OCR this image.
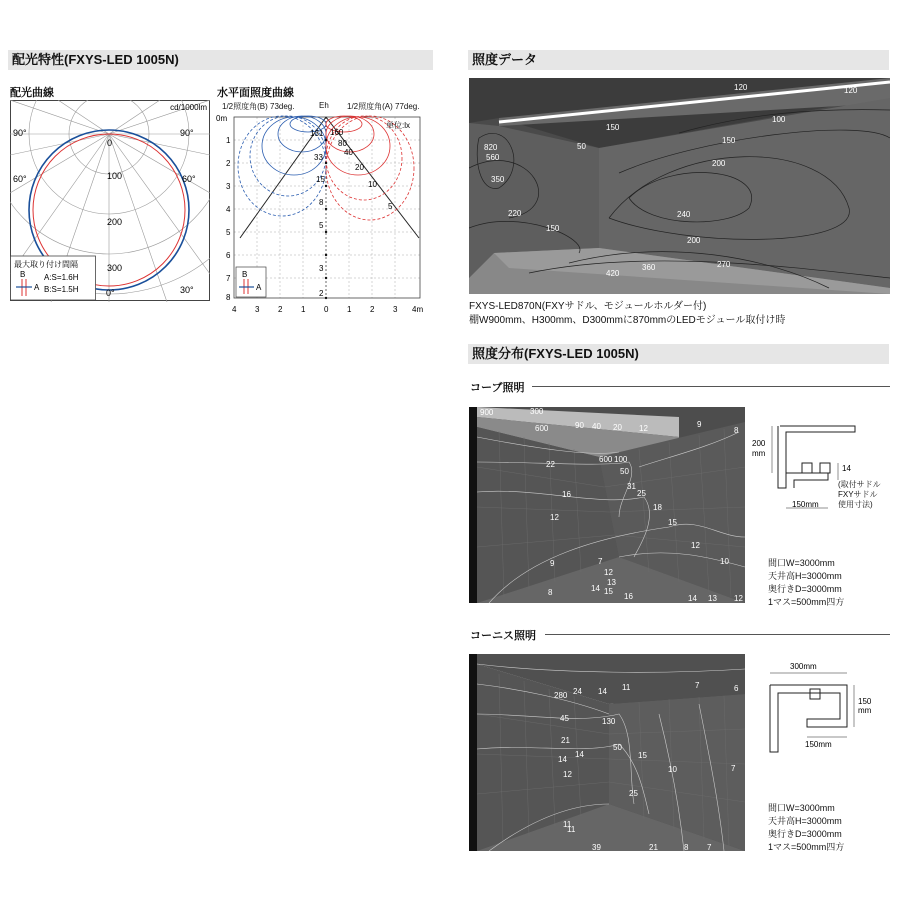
配光特性(FXYS-LED 1005N)
配光曲線	水平面照度曲線
cd/1000lm
90°	90°
60°	60°
30°
0°
0
100
200
300
最大取り付け間隔
B
A
A:S=1.6H
B:S=1.5H
1/2照度角(B) 73deg.	Eh 1/2照度角(A) 77deg.
0m
1
2
3
4
5
6
7
8
4 3 2 1 0 1 2 3 4m
単位:lx
131
33
15
8
5
3
2
160
80
40
20
10
5
B
A
照度データ
120	120
100
150
150
50
820
560
350
200
220	240
150
200
420
360	270
FXYS-LED870N(FXYサドル、モジュールホルダー付)
棚W900mm、H300mm、D300mmに870mmのLEDモジュール取付け時
照度分布(FXYS-LED 1005N)
コーブ照明
900	300
600	90 40 20 12	9
8
22
600 100
50
16
31
25
18
12
15
12
9	7
12
10
8	14
13
15
16	14 13 12
200
mm
14
150mm
(取付サドル
FXYサドル
使用寸法)
間口W=3000mm
天井高H=3000mm
奥行きD=3000mm
1マス=500mm四方
コーニス照明
11
14	6
280 24
14
11
7
45	130
21
50
15
14
12
10	7
25
11
39	21	8 7
300mm
150
mm
150mm
間口W=3000mm
天井高H=3000mm
奥行きD=3000mm
1マス=500mm四方
